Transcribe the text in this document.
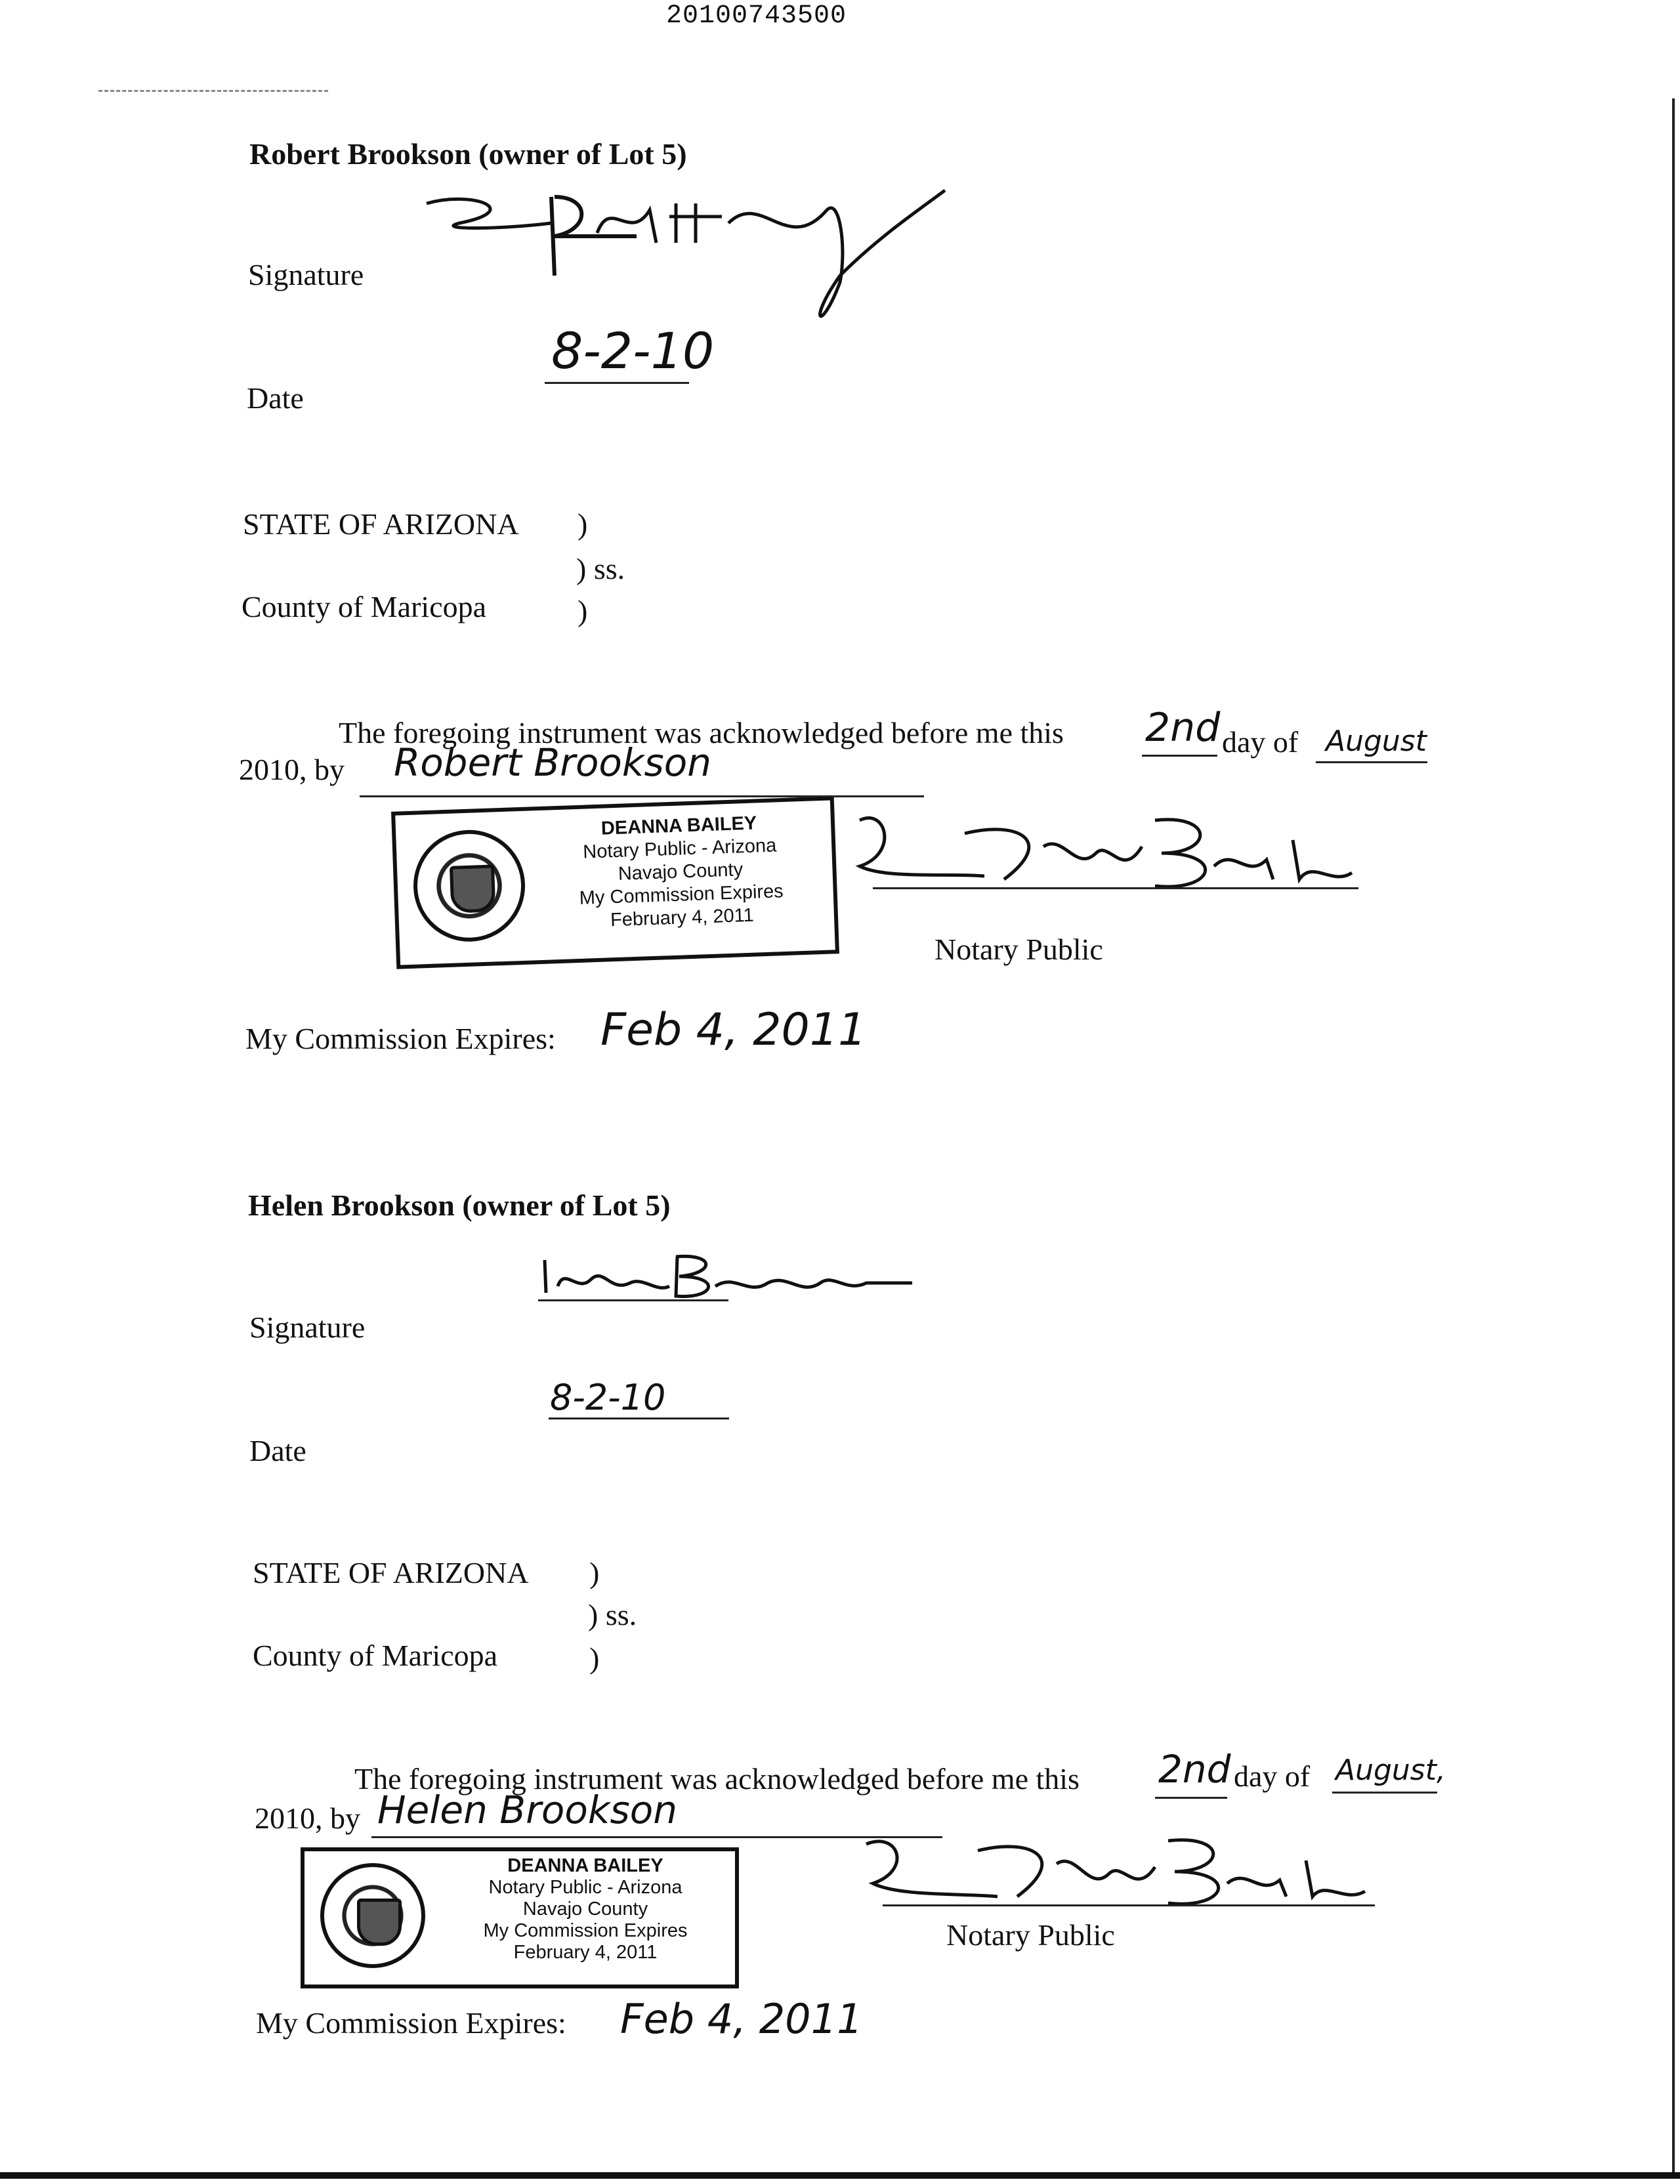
20100743500
Robert Brookson (owner of Lot 5)
Signature
8-2-10
Date
STATE OF ARIZONA )
) ss.
County of Maricopa	)
The foregoing instrument was acknowledged before me this 2nd day of August
2010, by Robert Brookson
DEANNA BAILEY
Notary Public - Arizona
Navajo County
My Commission Expires
February 4, 2011
Notary Public
My Commission Expires: Feb 4, 2011
Helen Brookson (owner of Lot 5)
Signature
8-2-10
Date
STATE OF ARIZONA )
) ss.
County of Maricopa	)
The foregoing instrument was acknowledged before me this 2nd day of August,
2010, by Helen Brookson
DEANNA BAILEY
Notary Public - Arizona
Navajo County
My Commission Expires
February 4, 2011
Notary Public
My Commission Expires: Feb 4, 2011
